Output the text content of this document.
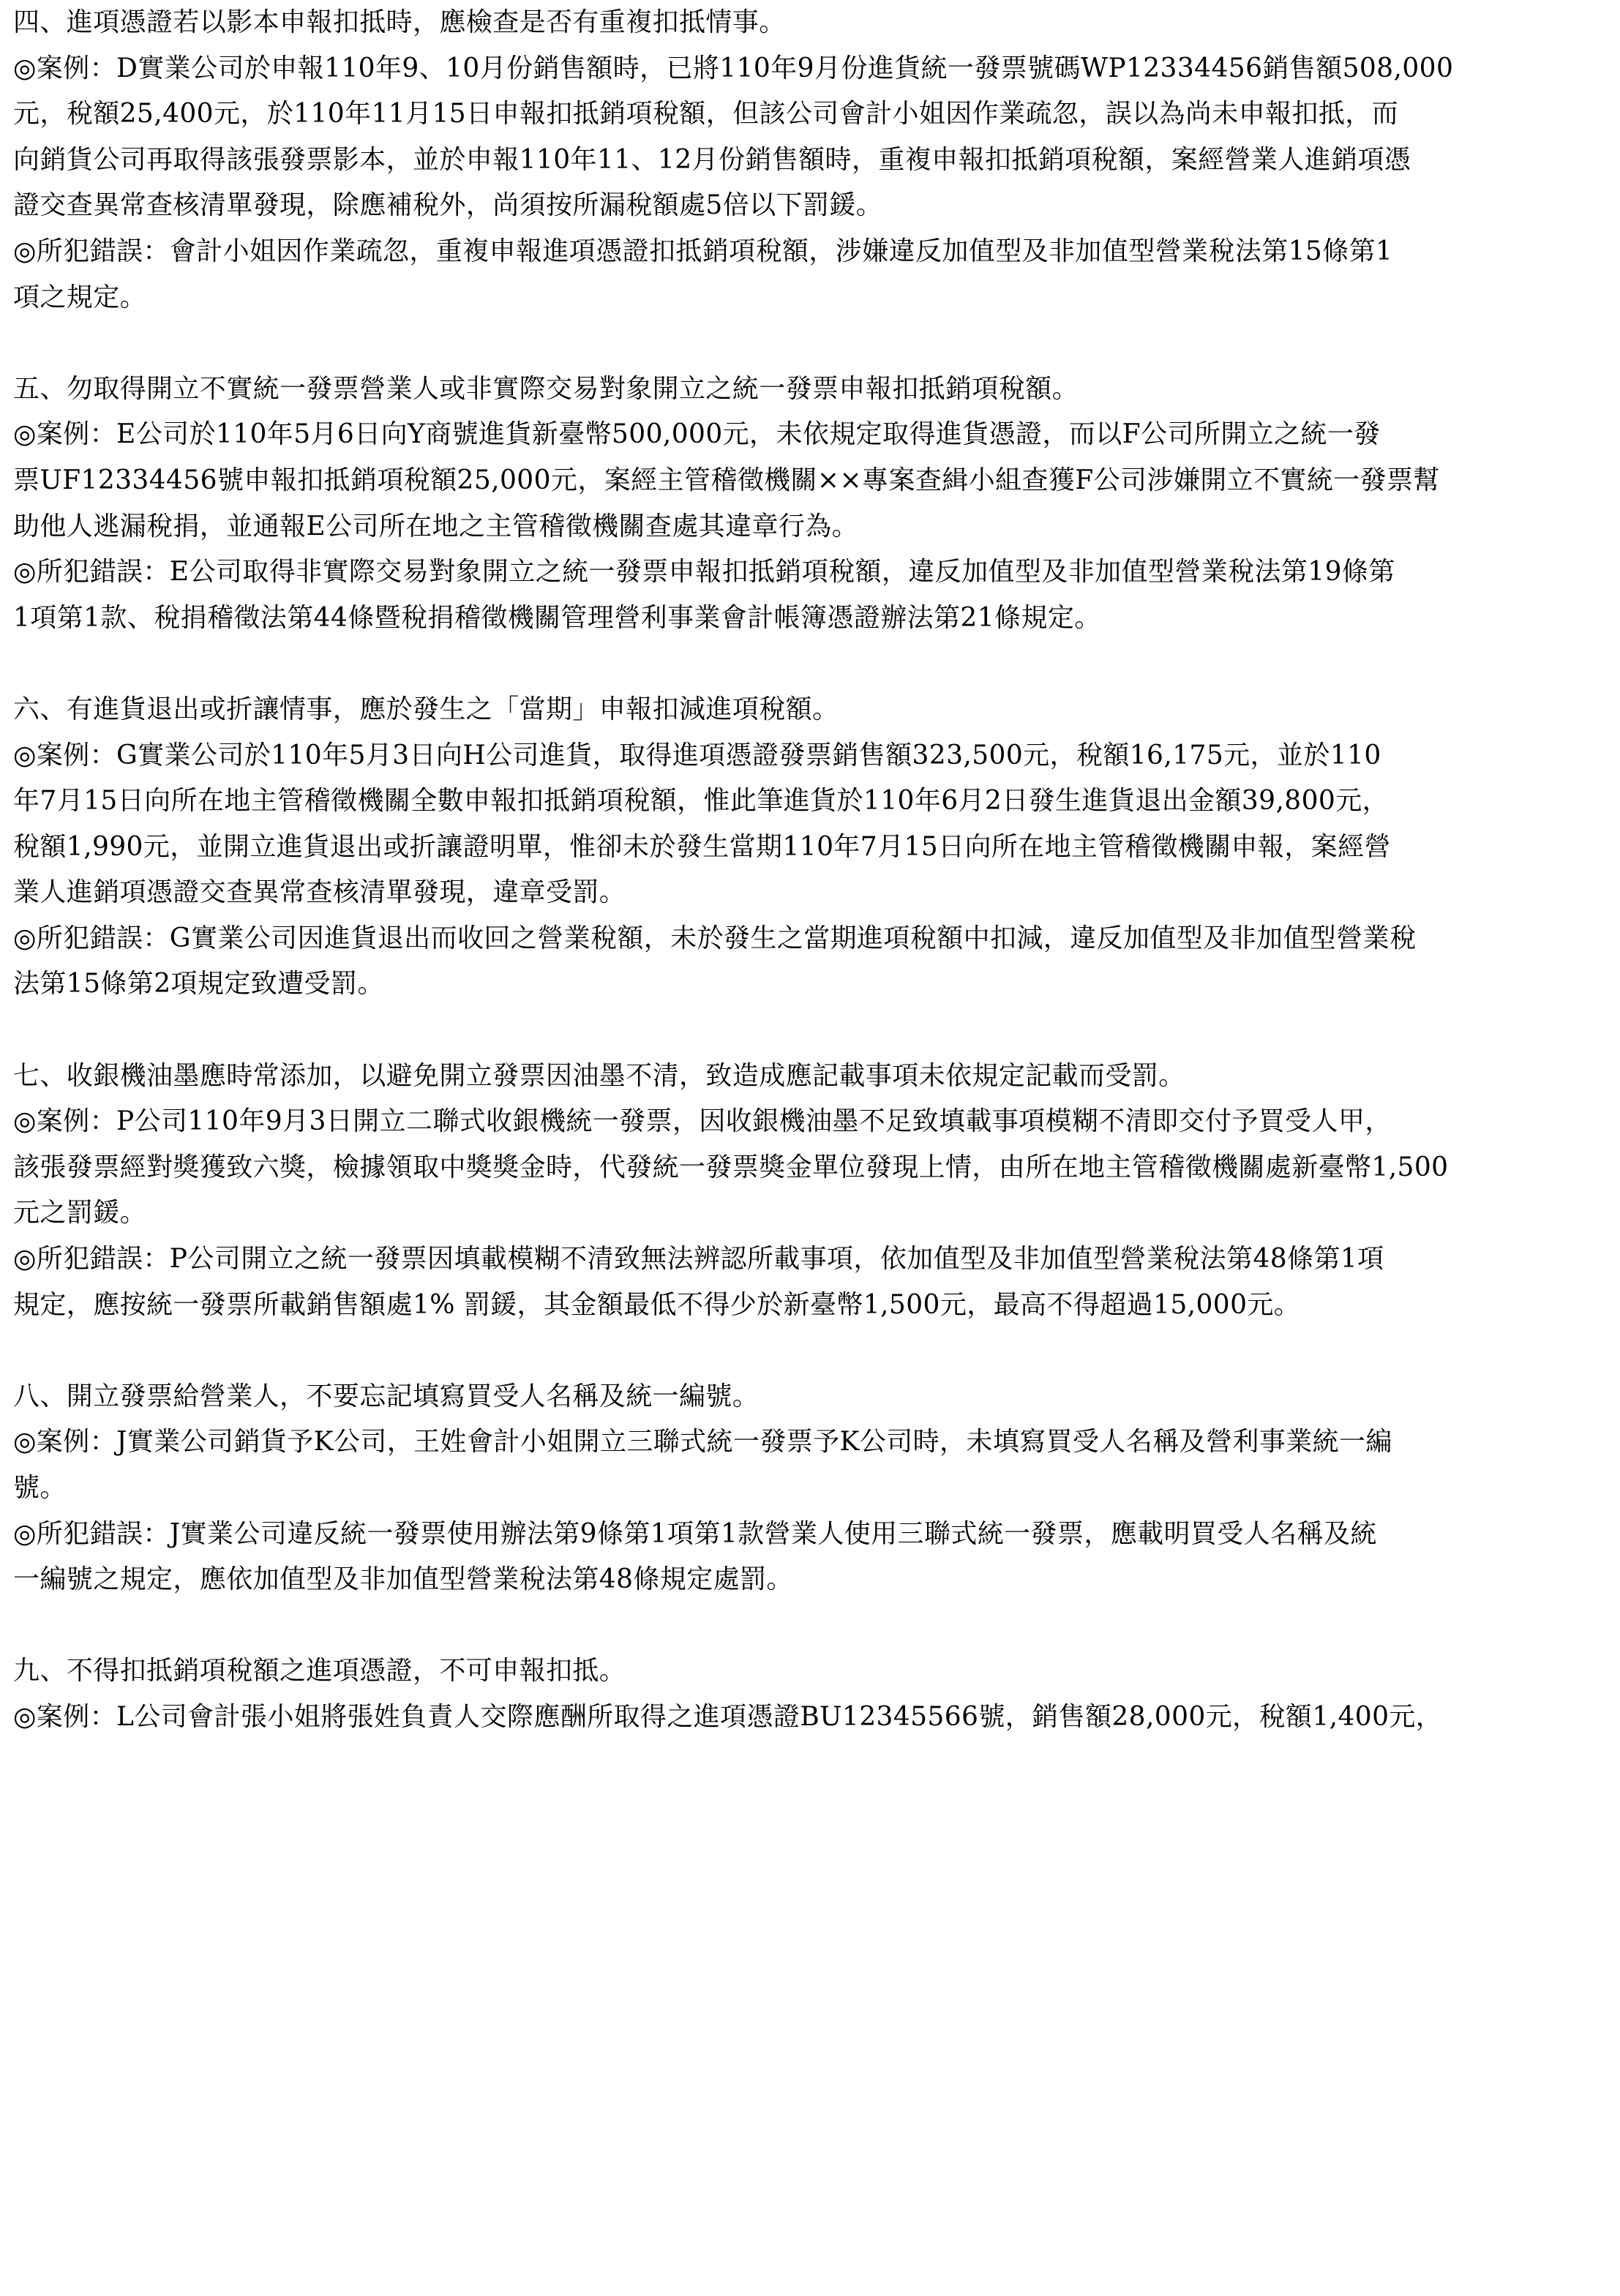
四、進項憑證若以影本申報扣抵時，應檢查是否有重複扣抵情事。
◎案例：D實業公司於申報110年9、10月份銷售額時，已將110年9月份進貨統一發票號碼WP12334456銷售額508,000
元，稅額25,400元，於110年11月15日申報扣抵銷項稅額，但該公司會計小姐因作業疏忽，誤以為尚未申報扣抵，而
向銷貨公司再取得該張發票影本，並於申報110年11、12月份銷售額時，重複申報扣抵銷項稅額，案經營業人進銷項憑
證交查異常查核清單發現，除應補稅外，尚須按所漏稅額處5倍以下罰鍰。
◎所犯錯誤：會計小姐因作業疏忽，重複申報進項憑證扣抵銷項稅額，涉嫌違反加值型及非加值型營業稅法第15條第1
項之規定。
五、勿取得開立不實統一發票營業人或非實際交易對象開立之統一發票申報扣抵銷項稅額。
◎案例：E公司於110年5月6日向Y商號進貨新臺幣500,000元，未依規定取得進貨憑證，而以F公司所開立之統一發
票UF12334456號申報扣抵銷項稅額25,000元，案經主管稽徵機關××專案查緝小組查獲F公司涉嫌開立不實統一發票幫
助他人逃漏稅捐，並通報E公司所在地之主管稽徵機關查處其違章行為。
◎所犯錯誤：E公司取得非實際交易對象開立之統一發票申報扣抵銷項稅額，違反加值型及非加值型營業稅法第19條第
1項第1款、稅捐稽徵法第44條暨稅捐稽徵機關管理營利事業會計帳簿憑證辦法第21條規定。
六、有進貨退出或折讓情事，應於發生之「當期」申報扣減進項稅額。
◎案例：G實業公司於110年5月3日向H公司進貨，取得進項憑證發票銷售額323,500元，稅額16,175元，並於110
年7月15日向所在地主管稽徵機關全數申報扣抵銷項稅額，惟此筆進貨於110年6月2日發生進貨退出金額39,800元，
稅額1,990元，並開立進貨退出或折讓證明單，惟卻未於發生當期110年7月15日向所在地主管稽徵機關申報，案經營
業人進銷項憑證交查異常查核清單發現，違章受罰。
◎所犯錯誤：G實業公司因進貨退出而收回之營業稅額，未於發生之當期進項稅額中扣減，違反加值型及非加值型營業稅
法第15條第2項規定致遭受罰。
七、收銀機油墨應時常添加，以避免開立發票因油墨不清，致造成應記載事項未依規定記載而受罰。
◎案例：P公司110年9月3日開立二聯式收銀機統一發票，因收銀機油墨不足致填載事項模糊不清即交付予買受人甲，
該張發票經對獎獲致六獎，檢據領取中獎獎金時，代發統一發票獎金單位發現上情，由所在地主管稽徵機關處新臺幣1,500
元之罰鍰。
◎所犯錯誤：P公司開立之統一發票因填載模糊不清致無法辨認所載事項，依加值型及非加值型營業稅法第48條第1項
規定，應按統一發票所載銷售額處1% 罰鍰，其金額最低不得少於新臺幣1,500元，最高不得超過15,000元。
八、開立發票給營業人，不要忘記填寫買受人名稱及統一編號。
◎案例：J實業公司銷貨予K公司，王姓會計小姐開立三聯式統一發票予K公司時，未填寫買受人名稱及營利事業統一編
號。
◎所犯錯誤：J實業公司違反統一發票使用辦法第9條第1項第1款營業人使用三聯式統一發票，應載明買受人名稱及統
一編號之規定，應依加值型及非加值型營業稅法第48條規定處罰。
九、不得扣抵銷項稅額之進項憑證，不可申報扣抵。
◎案例：L公司會計張小姐將張姓負責人交際應酬所取得之進項憑證BU12345566號，銷售額28,000元，稅額1,400元，
